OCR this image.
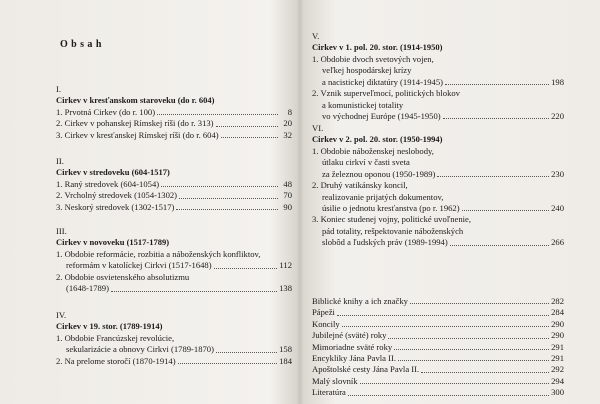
Obsah
I.
Cirkev v kresťanskom staroveku (do r. 604)
1. Prvotná Cirkev (do r. 100)	8
2. Cirkev v pohanskej Rímskej ríši (do r. 313)	20
3. Cirkev v kresťanskej Rímskej ríši (do r. 604)	32
II.
Cirkev v stredoveku (604-1517)
1. Raný stredovek (604-1054)	48
2. Vrcholný stredovek (1054-1302)	70
3. Neskorý stredovek (1302-1517)	90
III.
Cirkev v novoveku (1517-1789)
1. Obdobie reformácie, rozbitia a náboženských konfliktov,
reformám v katolíckej Cirkvi (1517-1648)	112
2. Obdobie osvietenského absolutizmu
(1648-1789)	138
IV.
Cirkev v 19. stor. (1789-1914)
1. Obdobie Francúzskej revolúcie,
sekularizácie a obnovy Cirkvi (1789-1870)	158
2. Na prelome storočí (1870-1914)	184
V.
Cirkev v 1. pol. 20. stor. (1914-1950)
1. Obdobie dvoch svetových vojen,
veľkej hospodárskej krízy
a nacistickej diktatúry (1914-1945)	198
2. Vznik superveľmocí, politických blokov
a komunistickej totality
vo východnej Európe (1945-1950)	220
VI.
Cirkev v 2. pol. 20. stor. (1950-1994)
1. Obdobie náboženskej neslobody,
útlaku cirkví v časti sveta
za železnou oponou (1950-1989)	230
2. Druhý vatikánsky koncil,
realizovanie prijatých dokumentov,
úsilie o jednotu kresťanstva (po r. 1962)	240
3. Koniec studenej vojny, politické uvoľnenie,
pád totality, rešpektovanie náboženských
slobôd a ľudských práv (1989-1994)	266
Biblické knihy a ich značky	282
Pápeži	284
Koncily	290
Jubilejné (sväté) roky	290
Mimoriadne sväté roky	291
Encykliky Jána Pavla II.	291
Apoštolské cesty Jána Pavla II.	292
Malý slovník	294
Literatúra	300
